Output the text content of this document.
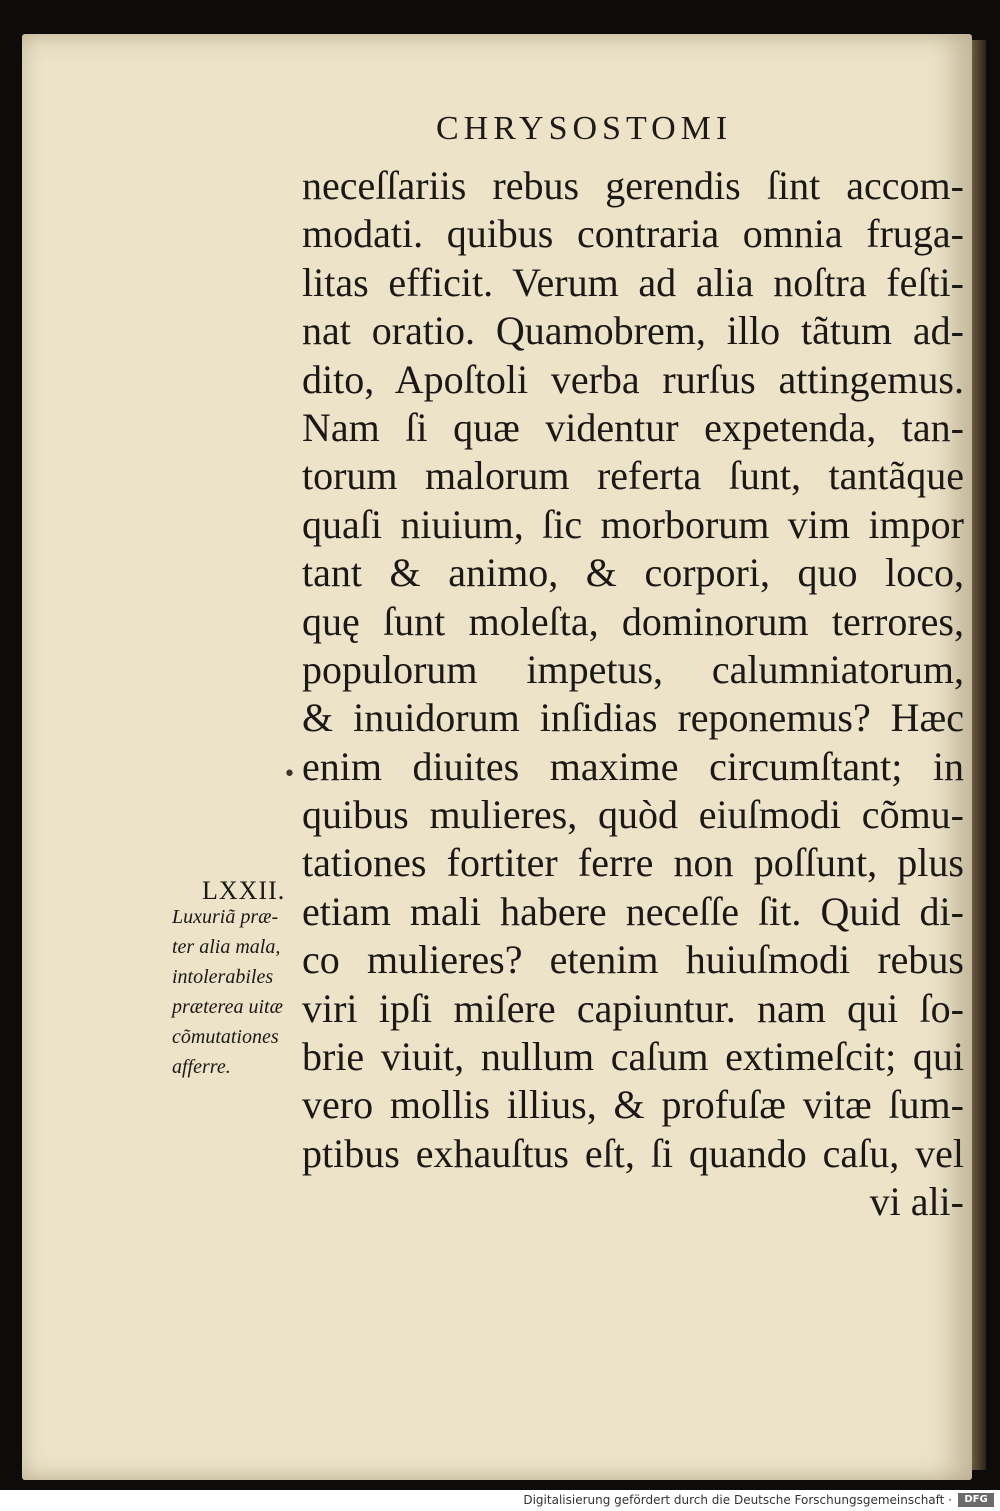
CHRYSOSTOMI
•
LXXII.
Luxuriã præ-
ter alia mala,
intolerabiles
præterea uitæ
cõmutationes
afferre.
neceſſariis rebus gerendis ſint accom-
modati. quibus contraria omnia fruga-
litas efficit. Verum ad alia noſtra feſti-
nat oratio. Quamobrem, illo tãtum ad-
dito, Apoſtoli verba rurſus attingemus.
Nam ſi quæ videntur expetenda, tan-
torum malorum referta ſunt, tantãque
quaſi niuium, ſic morborum vim impor
tant & animo, & corpori, quo loco,
quę ſunt moleſta, dominorum terrores,
populorum impetus, calumniatorum,
& inuidorum inſidias reponemus? Hæc
enim diuites maxime circumſtant; in
quibus mulieres, quòd eiuſmodi cõmu-
tationes fortiter ferre non poſſunt, plus
etiam mali habere neceſſe ſit. Quid di-
co mulieres? etenim huiuſmodi rebus
viri ipſi miſere capiuntur. nam qui ſo-
brie viuit, nullum caſum extimeſcit; qui
vero mollis illius, & profuſæ vitæ ſum-
ptibus exhauſtus eſt, ſi quando caſu, vel
vi ali-
Digitalisierung gefördert durch die Deutsche Forschungsgemeinschaft ·	DFG
